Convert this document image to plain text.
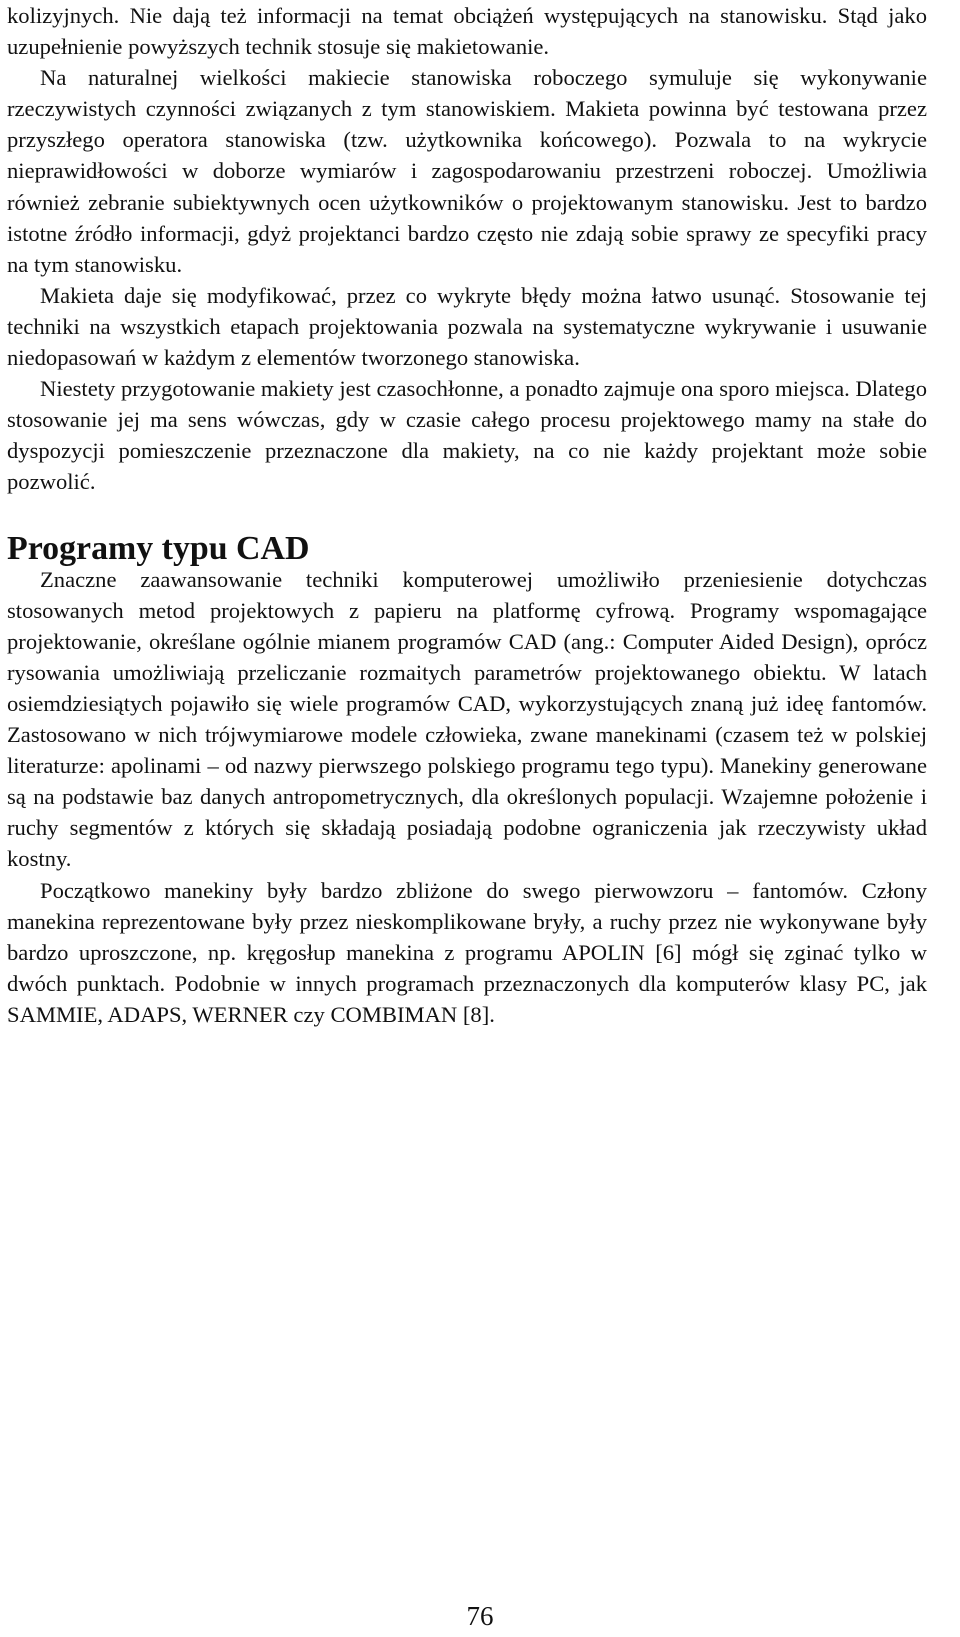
kolizyjnych. Nie dają też informacji na temat obciążeń występujących na stanowisku. Stąd jako uzupełnienie powyższych technik stosuje się makietowanie.

Na naturalnej wielkości makiecie stanowiska roboczego symuluje się wykonywanie rzeczywistych czynności związanych z tym stanowiskiem. Makieta powinna być testowana przez przyszłego operatora stanowiska (tzw. użytkownika końcowego). Pozwala to na wykrycie nieprawidłowości w doborze wymiarów i zagospodarowaniu przestrzeni roboczej. Umożliwia również zebranie subiektywnych ocen użytkowników o projektowanym stanowisku. Jest to bardzo istotne źródło informacji, gdyż projektanci bardzo często nie zdają sobie sprawy ze specyfiki pracy na tym stanowisku.

Makieta daje się modyfikować, przez co wykryte błędy można łatwo usunąć. Stosowanie tej techniki na wszystkich etapach projektowania pozwala na systematyczne wykrywanie i usuwanie niedopasowań w każdym z elementów tworzonego stanowiska.

Niestety przygotowanie makiety jest czasochłonne, a ponadto zajmuje ona sporo miejsca. Dlatego stosowanie jej ma sens wówczas, gdy w czasie całego procesu projektowego mamy na stałe do dyspozycji pomieszczenie przeznaczone dla makiety, na co nie każdy projektant może sobie pozwolić.

Programy typu CAD

Znaczne zaawansowanie techniki komputerowej umożliwiło przeniesienie dotychczas stosowanych metod projektowych z papieru na platformę cyfrową. Programy wspomagające projektowanie, określane ogólnie mianem programów CAD (ang.: Computer Aided Design), oprócz rysowania umożliwiają przeliczanie rozmaitych parametrów projektowanego obiektu. W latach osiemdziesiątych pojawiło się wiele programów CAD, wykorzystujących znaną już ideę fantomów. Zastosowano w nich trójwymiarowe modele człowieka, zwane manekinami (czasem też w polskiej literaturze: apolinami – od nazwy pierwszego polskiego programu tego typu). Manekiny generowane są na podstawie baz danych antropometrycznych, dla określonych populacji. Wzajemne położenie i ruchy segmentów z których się składają posiadają podobne ograniczenia jak rzeczywisty układ kostny.

Początkowo manekiny były bardzo zbliżone do swego pierwowzoru – fantomów. Człony manekina reprezentowane były przez nieskomplikowane bryły, a ruchy przez nie wykonywane były bardzo uproszczone, np. kręgosłup manekina z programu APOLIN [6] mógł się zginać tylko w dwóch punktach. Podobnie w innych programach przeznaczonych dla komputerów klasy PC, jak SAMMIE, ADAPS, WERNER czy COMBIMAN [8].

76
